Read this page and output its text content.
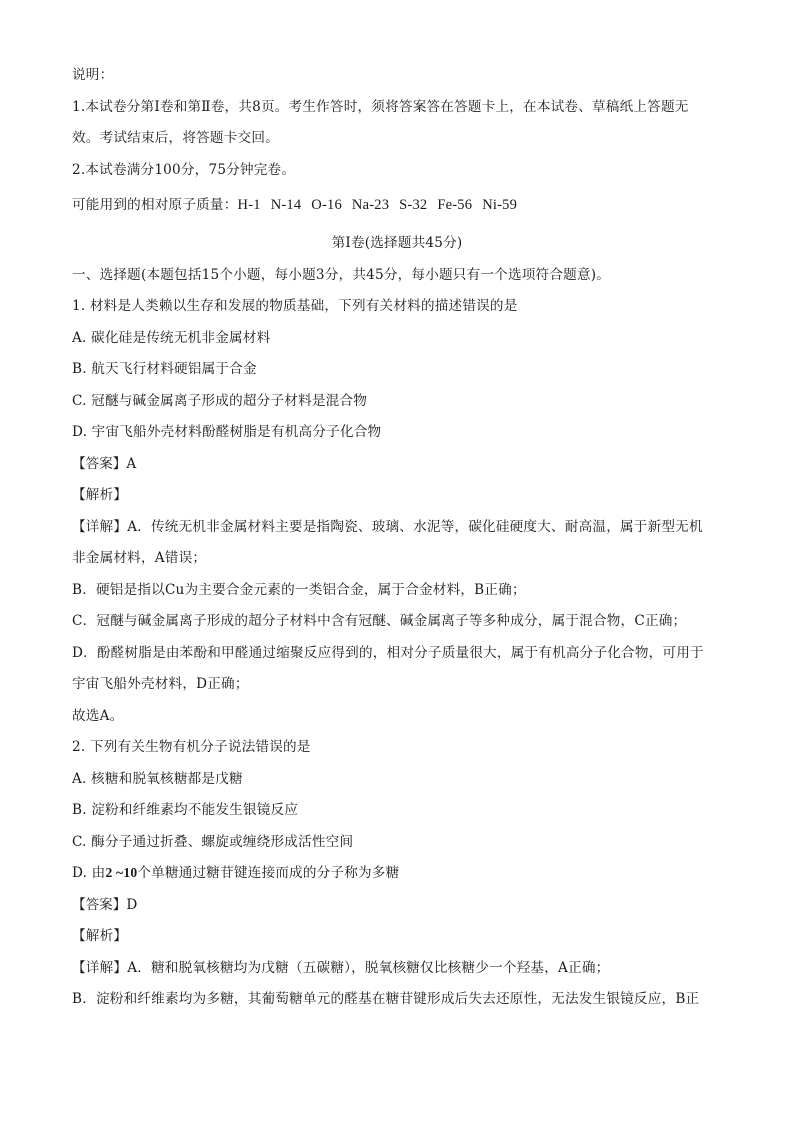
说明：
1.本试卷分第Ⅰ卷和第Ⅱ卷，共8页。考生作答时，须将答案答在答题卡上，在本试卷、草稿纸上答题无
效。考试结束后，将答题卡交回。
2.本试卷满分100分，75分钟完卷。
可能用到的相对原子质量：H-1 N-14 O-16 Na-23 S-32 Fe-56 Ni-59
第Ⅰ卷(选择题共45分)
一、选择题(本题包括15个小题，每小题3分，共45分，每小题只有一个选项符合题意)。
1. 材料是人类赖以生存和发展的物质基础，下列有关材料的描述错误的是
A. 碳化硅是传统无机非金属材料
B. 航天飞行材料硬铝属于合金
C. 冠醚与碱金属离子形成的超分子材料是混合物
D. 宇宙飞船外壳材料酚醛树脂是有机高分子化合物
【答案】A
【解析】
【详解】A．传统无机非金属材料主要是指陶瓷、玻璃、水泥等，碳化硅硬度大、耐高温，属于新型无机
非金属材料，A错误；
B．硬铝是指以Cu为主要合金元素的一类铝合金，属于合金材料，B正确；
C．冠醚与碱金属离子形成的超分子材料中含有冠醚、碱金属离子等多种成分，属于混合物，C正确；
D．酚醛树脂是由苯酚和甲醛通过缩聚反应得到的，相对分子质量很大，属于有机高分子化合物，可用于
宇宙飞船外壳材料，D正确；
故选A。
2. 下列有关生物有机分子说法错误的是
A. 核糖和脱氧核糖都是戊糖
B. 淀粉和纤维素均不能发生银镜反应
C. 酶分子通过折叠、螺旋或缠绕形成活性空间
D. 由2 ~10个单糖通过糖苷键连接而成的分子称为多糖
【答案】D
【解析】
【详解】A．糖和脱氧核糖均为戊糖（五碳糖），脱氧核糖仅比核糖少一个羟基，A正确；
B．淀粉和纤维素均为多糖，其葡萄糖单元的醛基在糖苷键形成后失去还原性，无法发生银镜反应，B正
